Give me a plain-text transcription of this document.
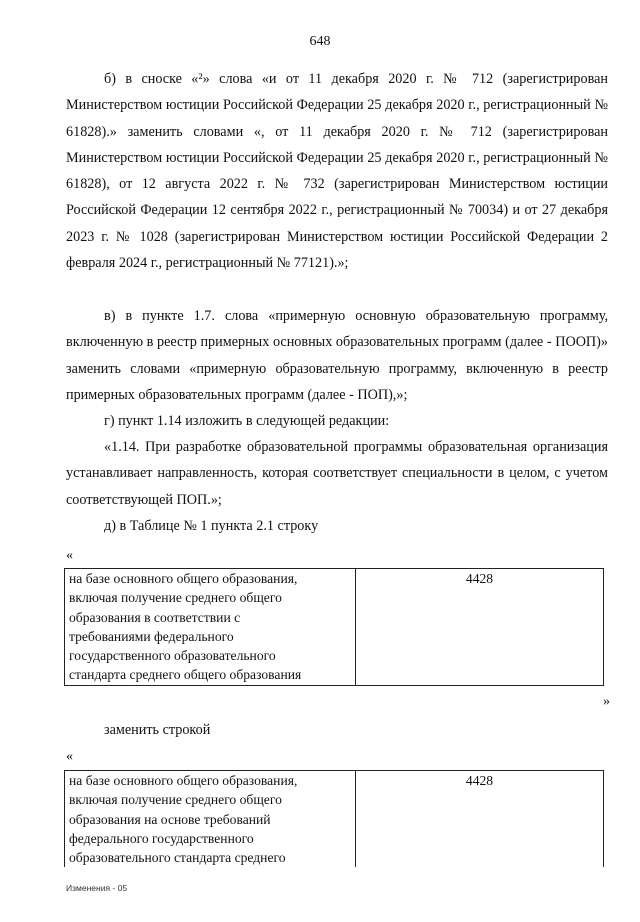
648

б) в сноске «²» слова «и от 11 декабря 2020 г. № 712 (зарегистрирован Министерством юстиции Российской Федерации 25 декабря 2020 г., регистрационный № 61828).» заменить словами «, от 11 декабря 2020 г. № 712 (зарегистрирован Министерством юстиции Российской Федерации 25 декабря 2020 г., регистрационный № 61828), от 12 августа 2022 г. № 732 (зарегистрирован Министерством юстиции Российской Федерации 12 сентября 2022 г., регистрационный № 70034) и от 27 декабря 2023 г. № 1028 (зарегистрирован Министерством юстиции Российской Федерации 2 февраля 2024 г., регистрационный № 77121).»;

в) в пункте 1.7. слова «примерную основную образовательную программу, включенную в реестр примерных основных образовательных программ (далее - ПООП)» заменить словами «примерную образовательную программу, включенную в реестр примерных образовательных программ (далее - ПОП),»;

г) пункт 1.14 изложить в следующей редакции:

«1.14. При разработке образовательной программы образовательная организация устанавливает направленность, которая соответствует специальности в целом, с учетом соответствующей ПОП.»;

д) в Таблице № 1 пункта 2.1 строку

«
на базе основного общего образования,
включая получение среднего общего
образования в соответствии с
требованиями федерального
государственного образовательного
стандарта среднего общего образования
	4428
»

заменить строкой

«
на базе основного общего образования,
включая получение среднего общего
образования на основе требований
федерального государственного
образовательного стандарта среднего
	4428
Изменения - 05
